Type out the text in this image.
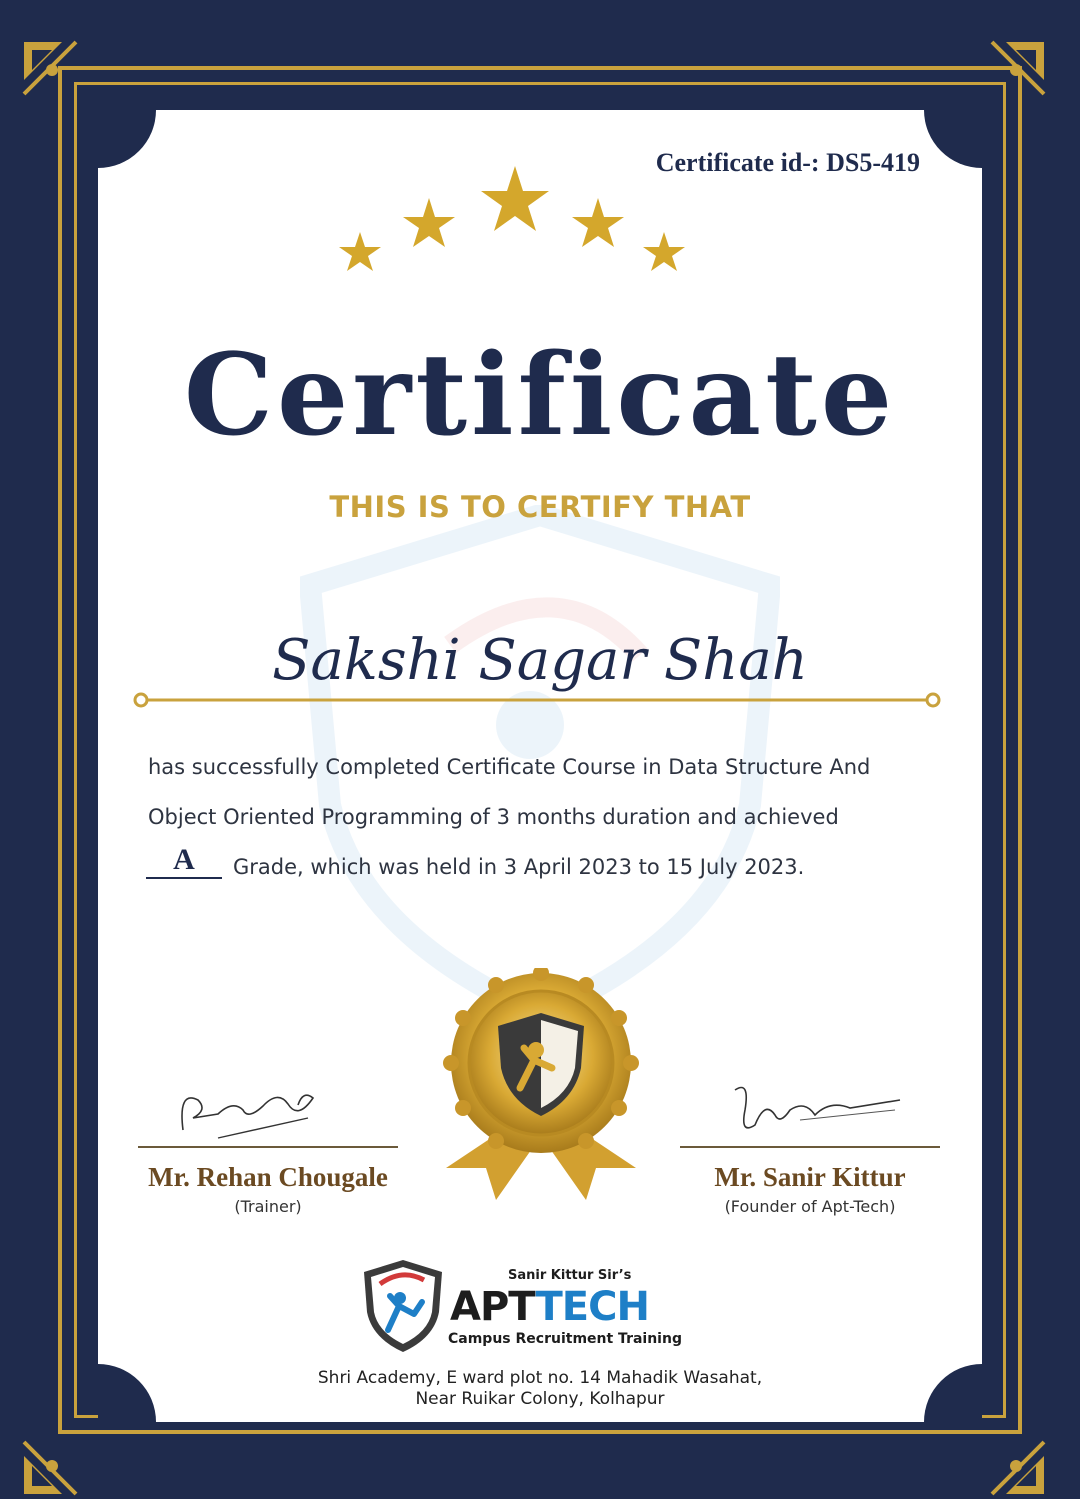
Certificate id-: DS5-419
Certificate
THIS IS TO CERTIFY THAT
Sakshi Sagar Shah
has successfully Completed Certificate Course in Data Structure And
Object Oriented Programming of 3 months duration and achieved
A	Grade, which was held in 3 April 2023 to 15 July 2023.
Mr. Rehan Chougale
(Trainer)
Mr. Sanir Kittur
(Founder of Apt-Tech)
Sanir Kittur Sir’s
APTTECH
Campus Recruitment Training
Shri Academy, E ward plot no. 14 Mahadik Wasahat,
Near Ruikar Colony, Kolhapur
